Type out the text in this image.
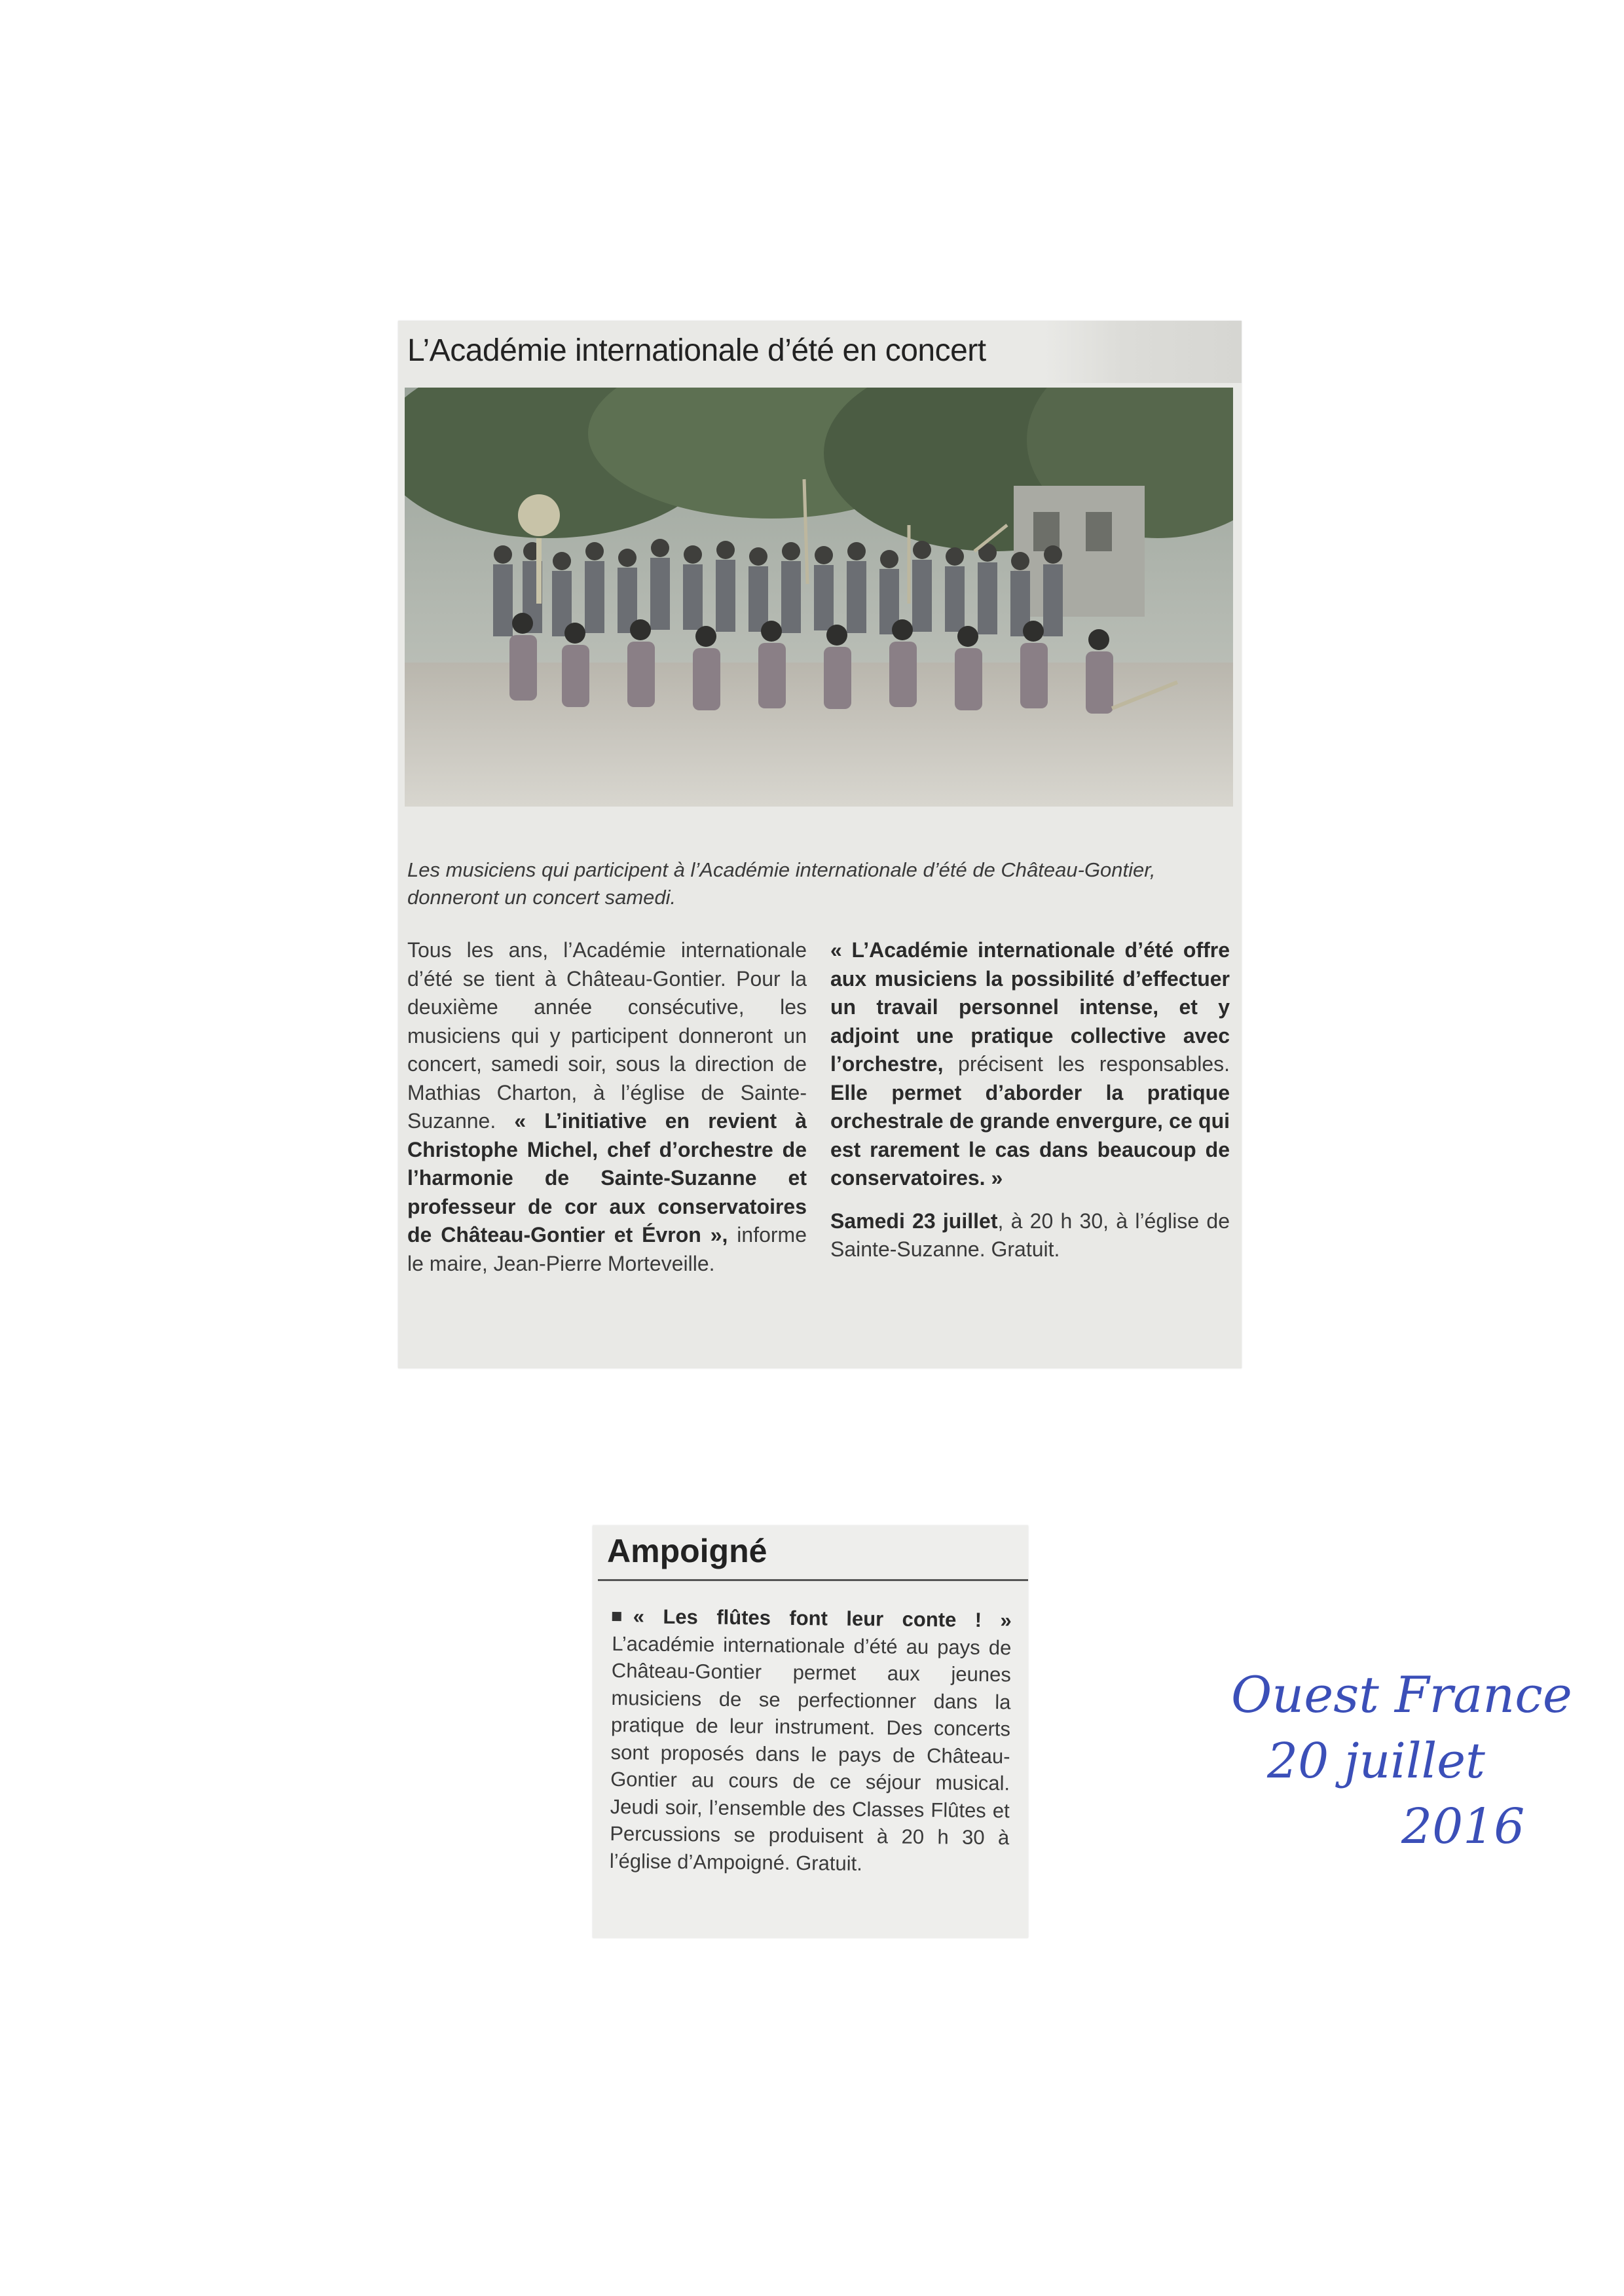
L’Académie internationale d’été en concert
Les musiciens qui participent à l’Académie internationale d’été de Château-Gontier, donneront un concert samedi.
Tous les ans, l’Académie internationale d’été se tient à Château-Gontier. Pour la deuxième année consécutive, les musiciens qui y participent donneront un concert, samedi soir, sous la direction de Mathias Charton, à l’église de Sainte-Suzanne. « L’initiative en revient à Christophe Michel, chef d’orchestre de l’harmonie de Sainte-Suzanne et professeur de cor aux conservatoires de Château-Gontier et Évron », informe le maire, Jean-Pierre Morteveille.
« L’Académie internationale d’été offre aux musiciens la possibilité d’effectuer un travail personnel intense, et y adjoint une pratique collective avec l’orchestre, précisent les responsables. Elle permet d’aborder la pratique orchestrale de grande envergure, ce qui est rarement le cas dans beaucoup de conservatoires. »
Samedi 23 juillet, à 20 h 30, à l’église de Sainte-Suzanne. Gratuit.
Ampoigné
« Les flûtes font leur conte ! » L’académie internationale d’été au pays de Château-Gontier permet aux jeunes musiciens de se perfectionner dans la pratique de leur instrument. Des concerts sont proposés dans le pays de Château-Gontier au cours de ce séjour musical. Jeudi soir, l’ensemble des Classes Flûtes et Percussions se produisent à 20 h 30 à l’église d’Ampoigné. Gratuit.
Ouest France
20 juillet
2016
